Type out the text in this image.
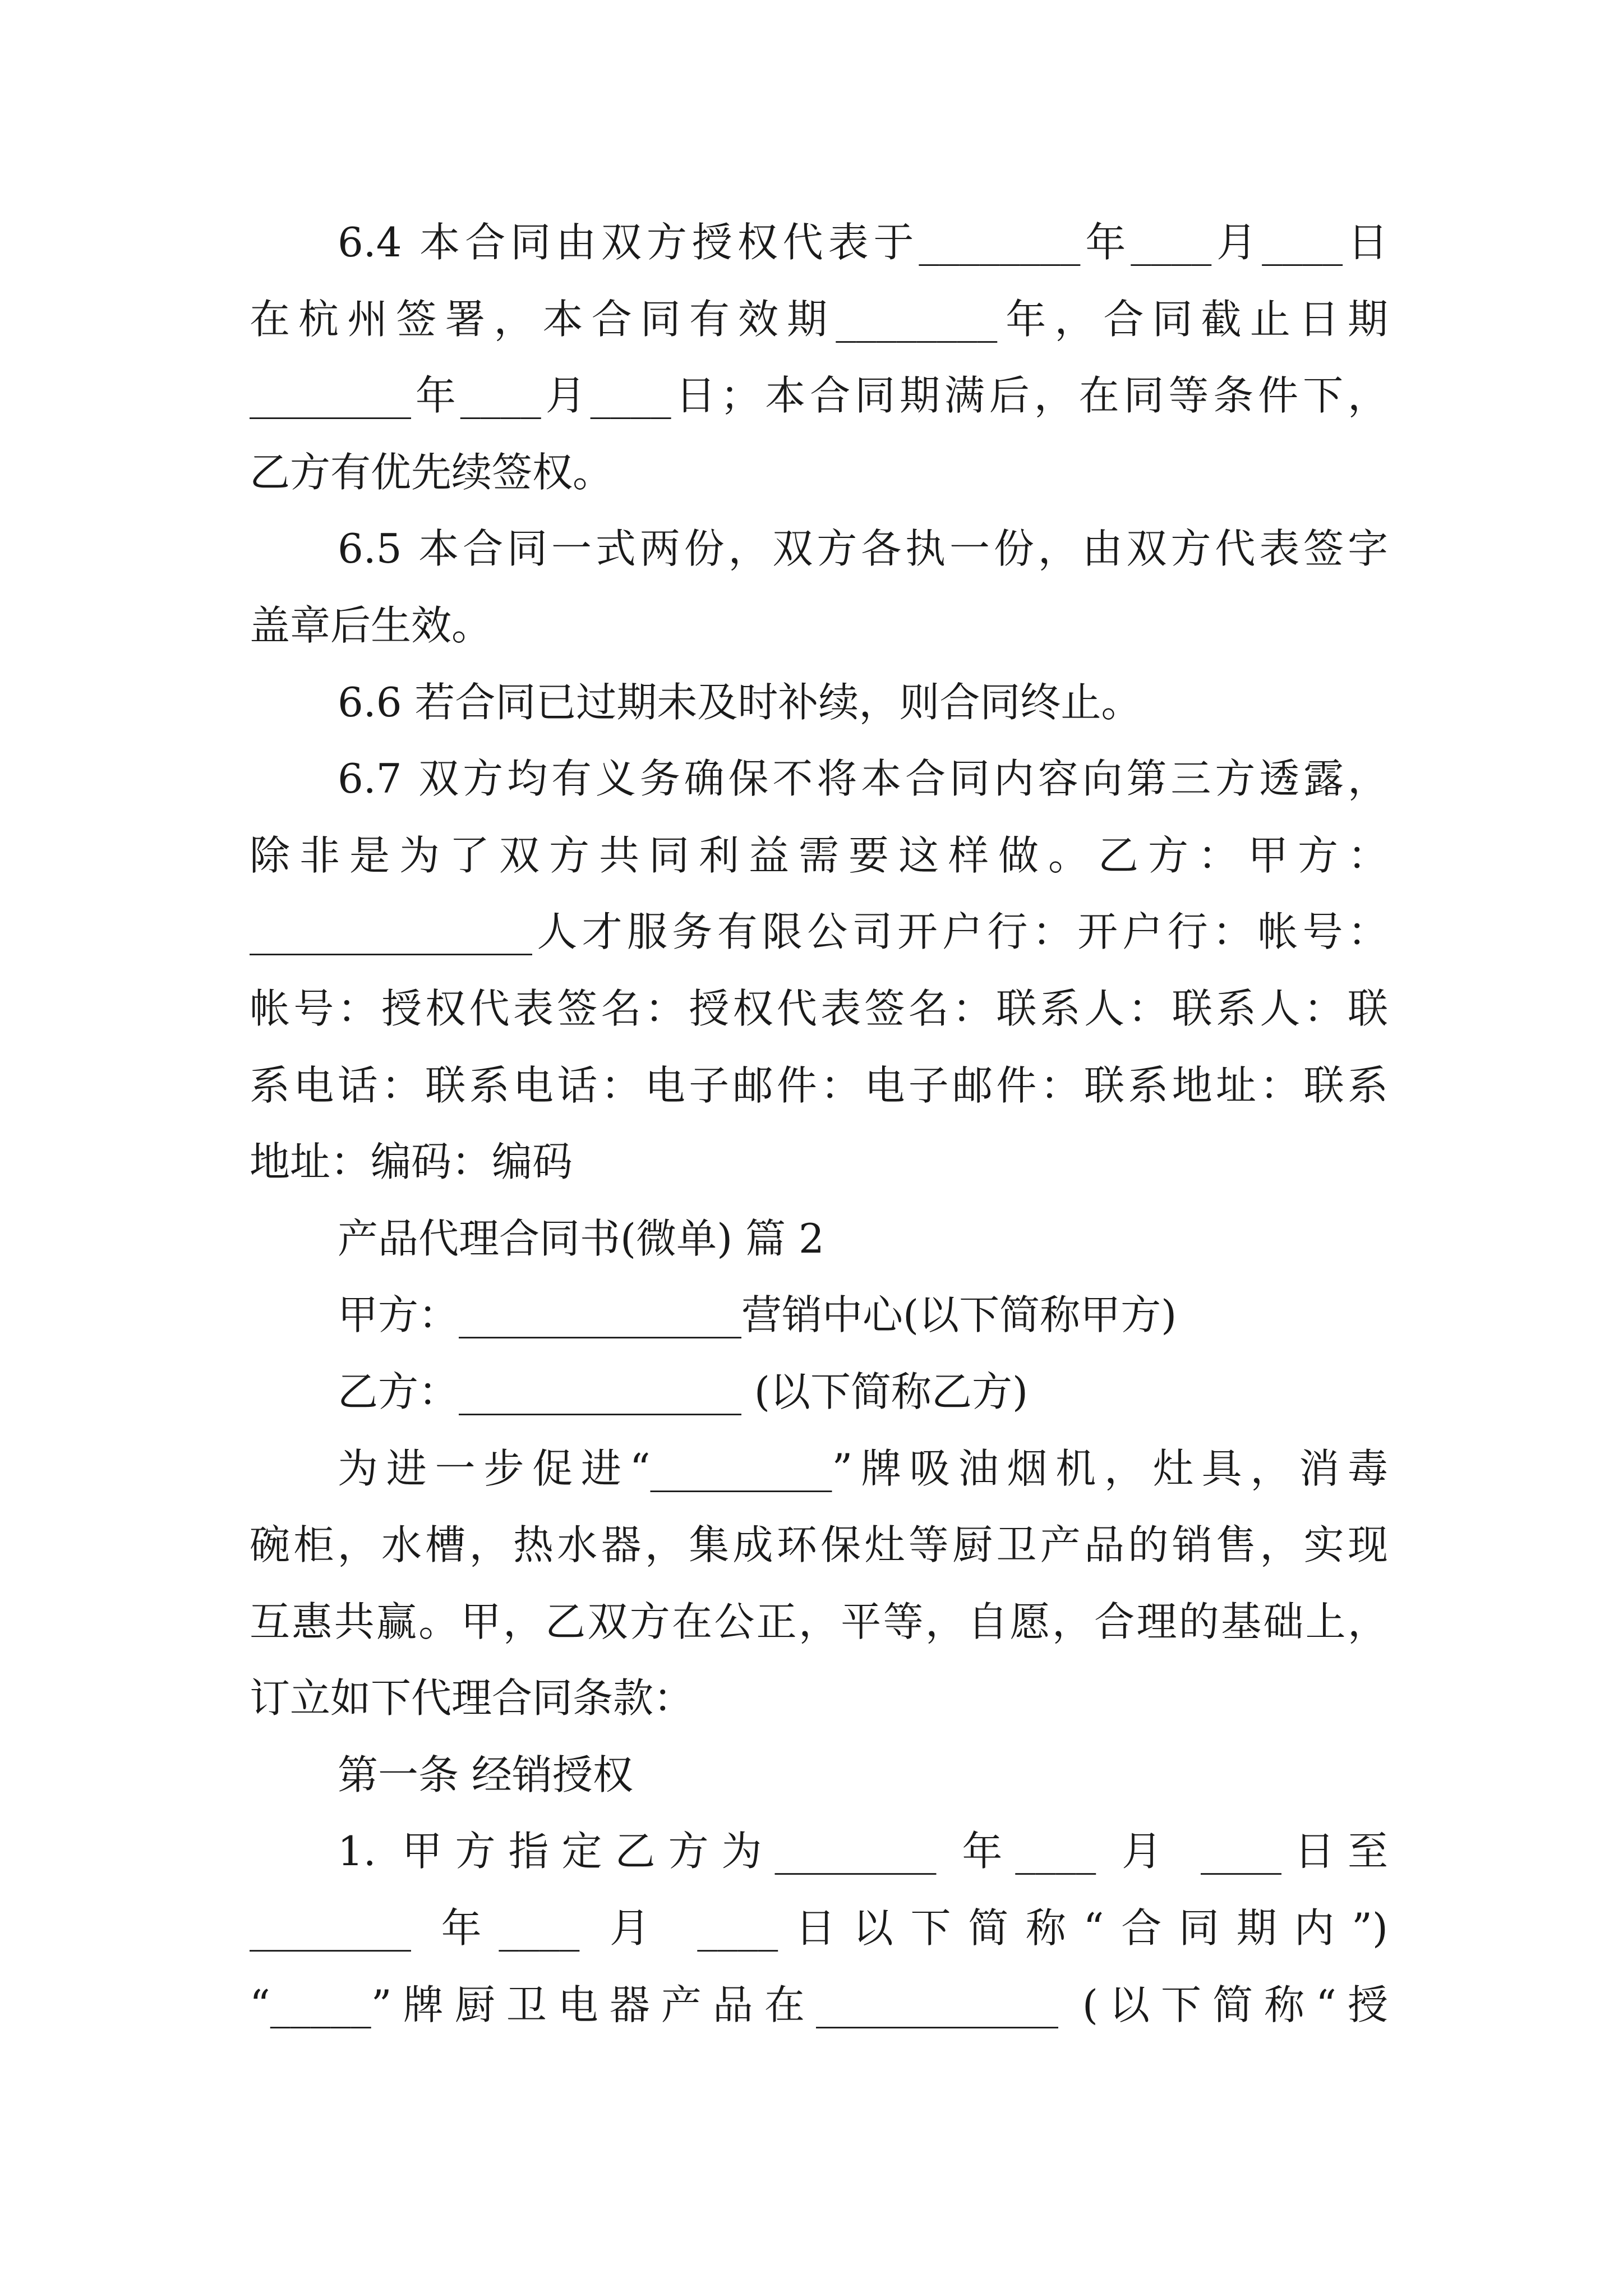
6.4 本合同由双方授权代表于________年____月____日
在杭州签署，本合同有效期________年，合同截止日期
________年____月____日；本合同期满后，在同等条件下，
乙方有优先续签权。
6.5 本合同一式两份，双方各执一份，由双方代表签字
盖章后生效。
6.6 若合同已过期未及时补续，则合同终止。
6.7 双方均有义务确保不将本合同内容向第三方透露，
除非是为了双方共同利益需要这样做。乙方：甲方：
______________人才服务有限公司开户行：开户行：帐号：
帐号：授权代表签名：授权代表签名：联系人：联系人：联
系电话：联系电话：电子邮件：电子邮件：联系地址：联系
地址：编码：编码
产品代理合同书(微单) 篇 2
甲方：______________营销中心(以下简称甲方)
乙方：______________ (以下简称乙方)
为进一步促进“_________”牌吸油烟机，灶具，消毒
碗柜，水槽，热水器，集成环保灶等厨卫产品的销售，实现
互惠共赢。甲，乙双方在公正，平等，自愿，合理的基础上，
订立如下代理合同条款：
第一条 经销授权
1. 甲方指定乙方为________ 年____ 月 ____日至
________ 年____ 月 ____日以下简称“合同期内”)
“_____”牌厨卫电器产品在____________ (以下简称“授
